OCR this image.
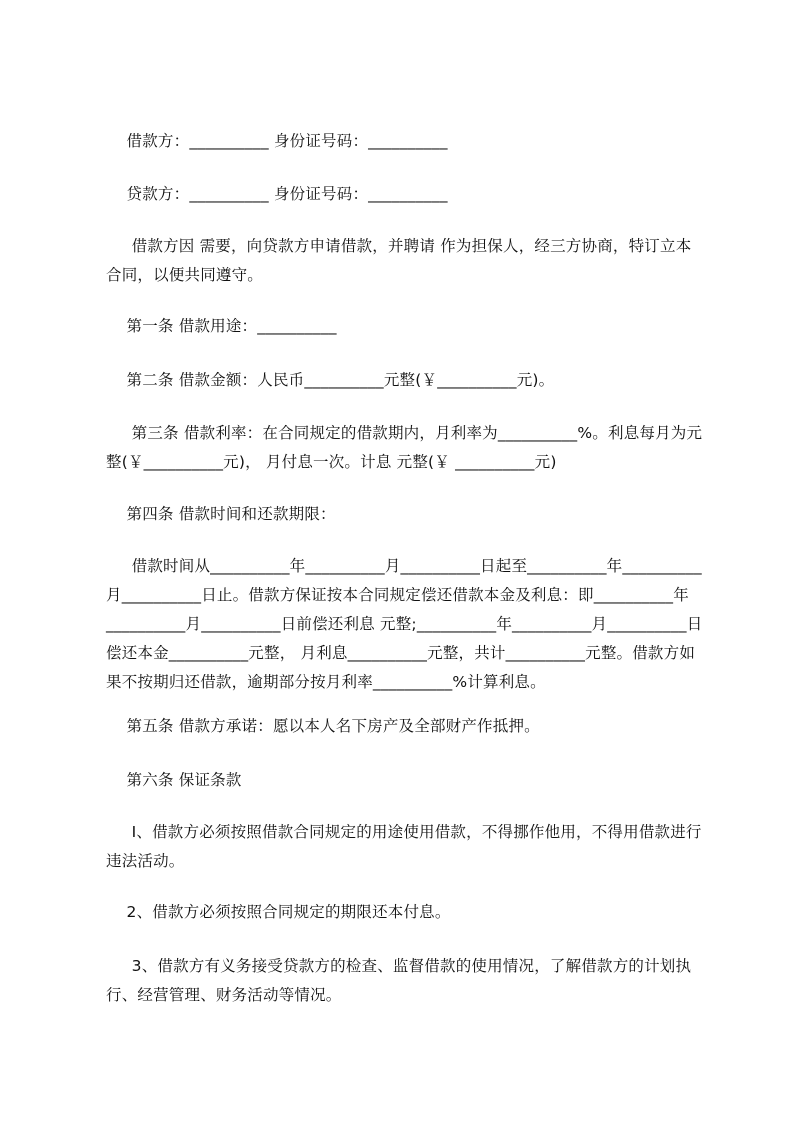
借款方：__________ 身份证号码：__________
贷款方：__________ 身份证号码：__________
借款方因 需要，向贷款方申请借款，并聘请 作为担保人，经三方协商，特订立本合同，以便共同遵守。
第一条 借款用途：__________
第二条 借款金额：人民币__________元整(￥__________元)。
第三条 借款利率：在合同规定的借款期内，月利率为__________%。利息每月为元整(￥__________元)， 月付息一次。计息 元整(￥ __________元)
第四条 借款时间和还款期限：
借款时间从__________年__________月__________日起至__________年__________月__________日止。借款方保证按本合同规定偿还借款本金及利息：即__________年__________月__________日前偿还利息 元整;__________年__________月__________日偿还本金__________元整， 月利息__________元整，共计__________元整。借款方如果不按期归还借款，逾期部分按月利率__________%计算利息。
第五条 借款方承诺：愿以本人名下房产及全部财产作抵押。
第六条 保证条款
Ⅰ、借款方必须按照借款合同规定的用途使用借款，不得挪作他用，不得用借款进行违法活动。
2、借款方必须按照合同规定的期限还本付息。
3、借款方有义务接受贷款方的检查、监督借款的使用情况，了解借款方的计划执行、经营管理、财务活动等情况。
